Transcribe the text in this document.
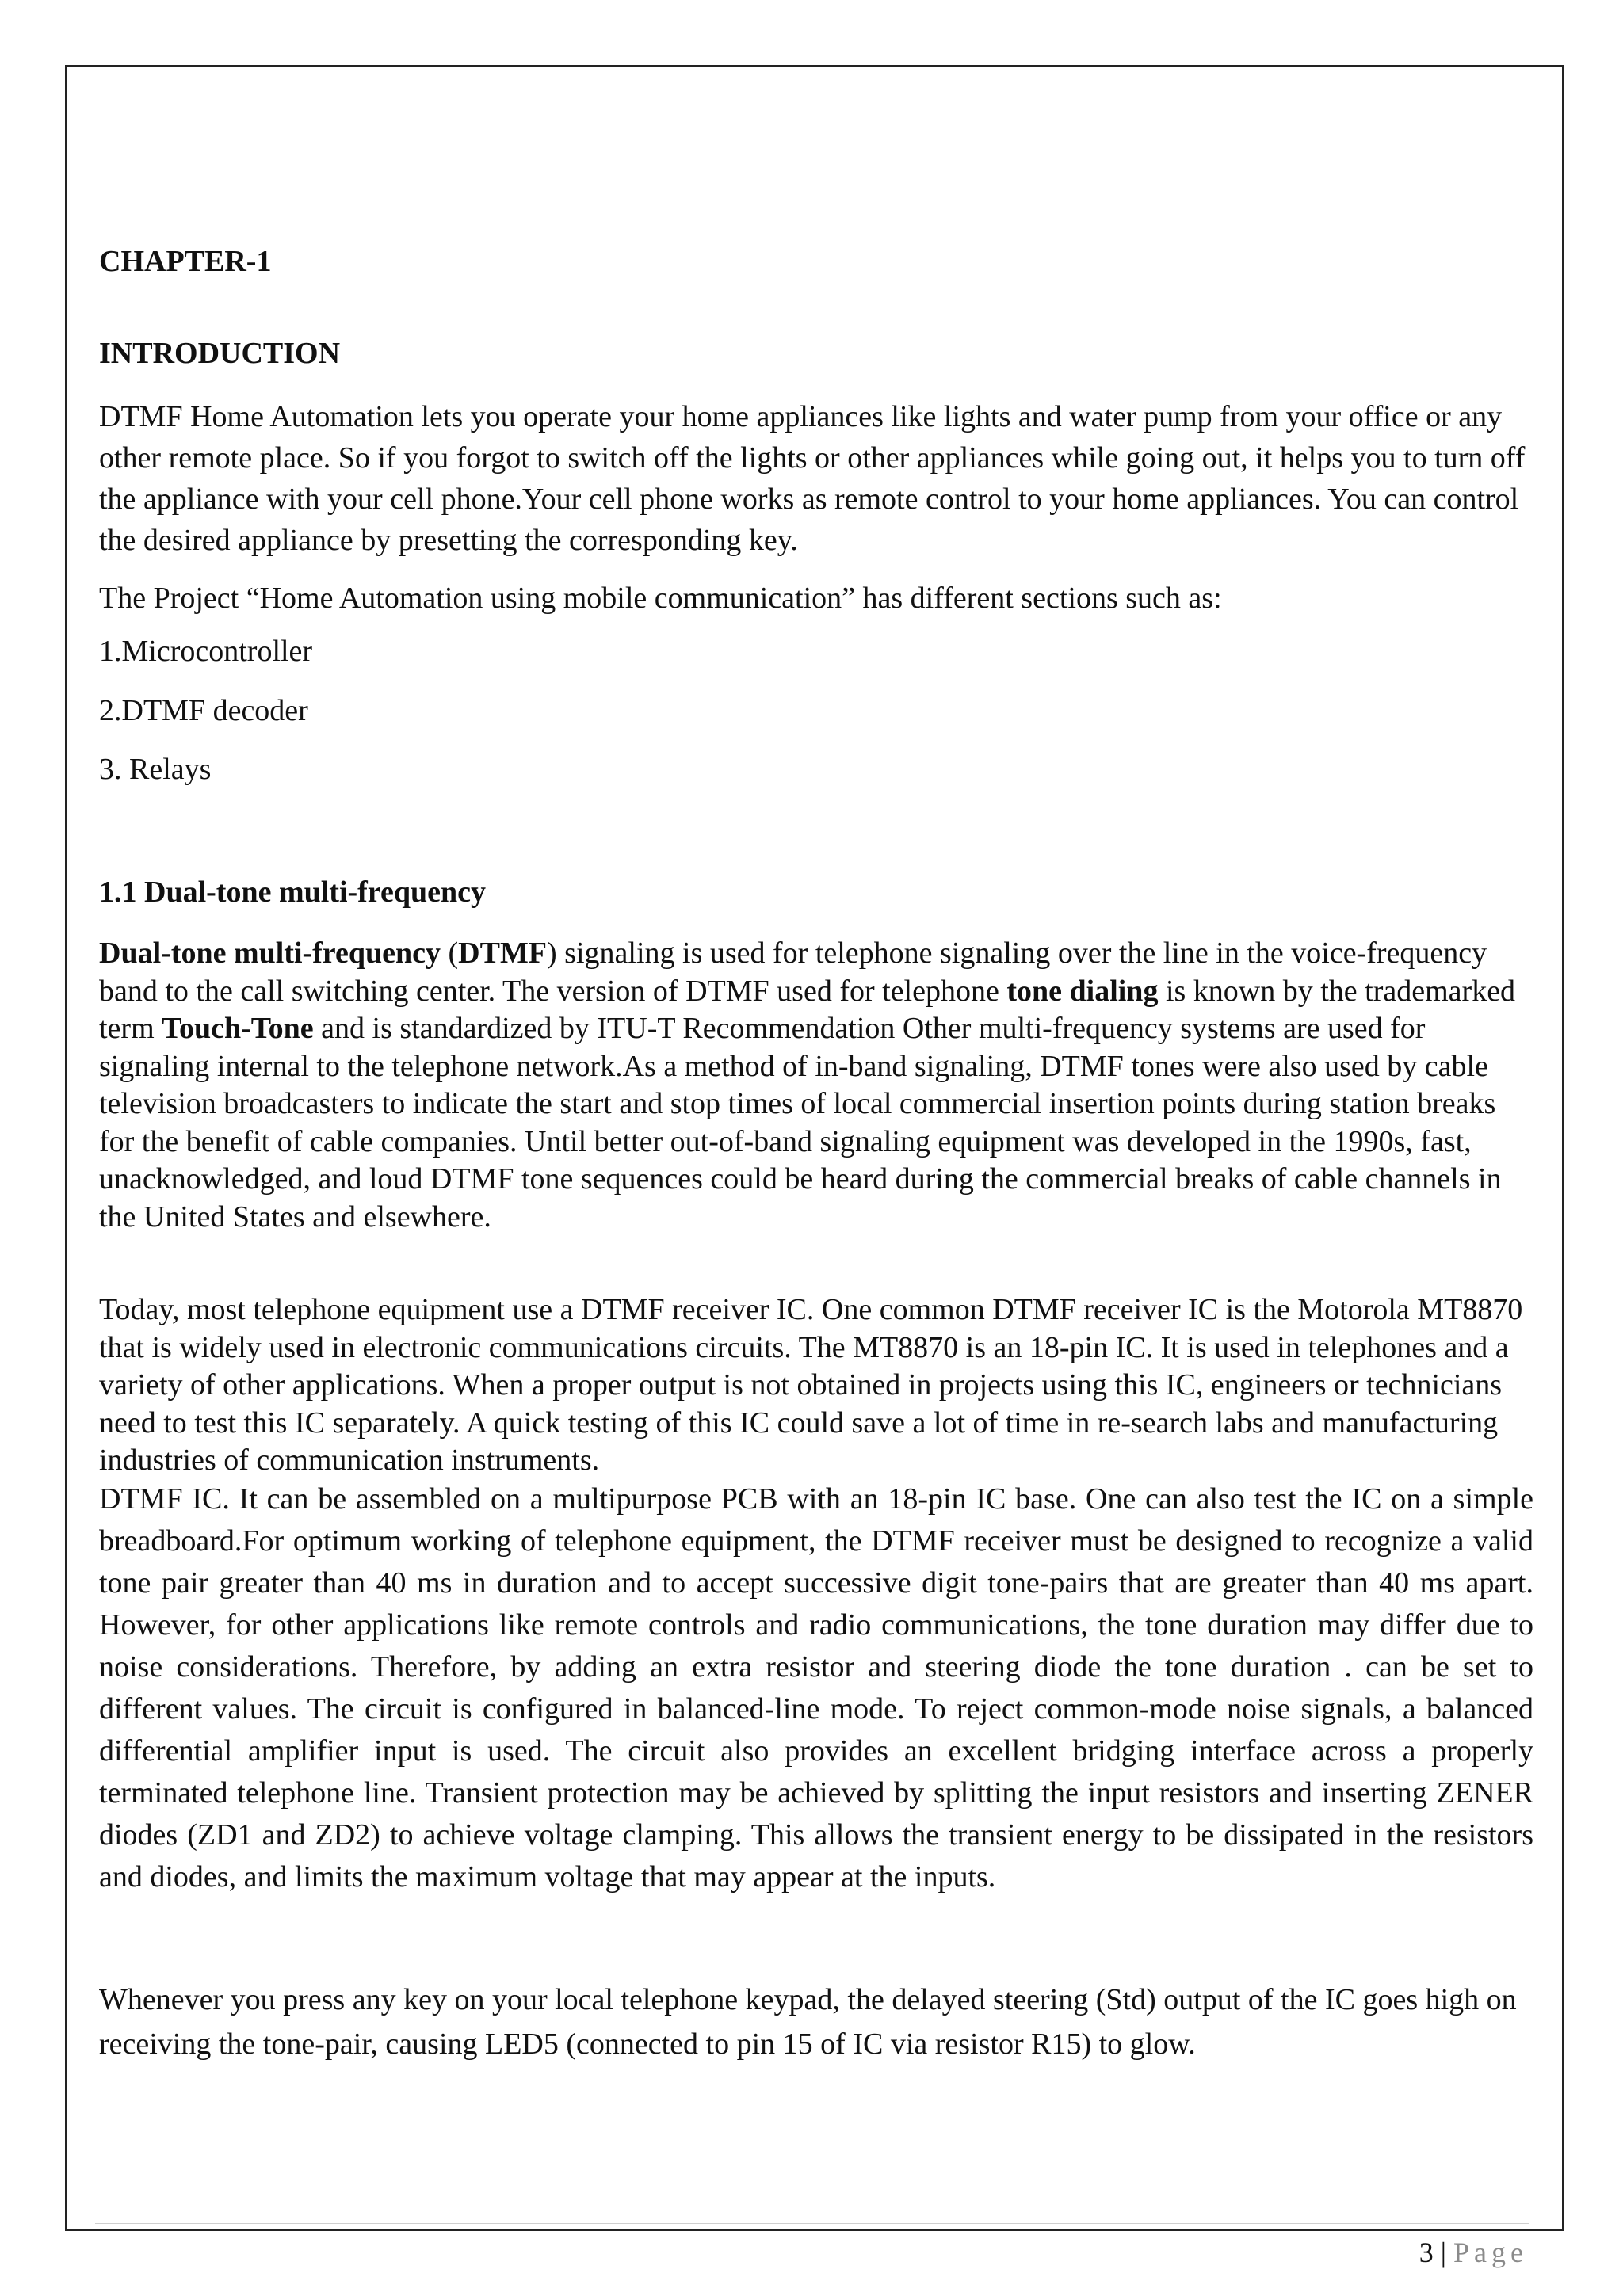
CHAPTER-1
INTRODUCTION
DTMF Home Automation lets you operate your home appliances like lights and water pump from your office or any other remote place. So if you forgot to switch off the lights or other appliances while going out, it helps you to turn off the appliance with your cell phone.Your cell phone works as remote control to your home appliances. You can control the desired appliance by presetting the corresponding key.
The Project “Home Automation using mobile communication” has different sections such as:
1.Microcontroller
2.DTMF decoder
3. Relays
1.1 Dual-tone multi-frequency
Dual-tone multi-frequency (DTMF) signaling is used for telephone signaling over the line in the voice-frequency band to the call switching center. The version of DTMF used for telephone tone dialing is known by the trademarked term Touch-Tone and is standardized by ITU-T Recommendation Other multi-frequency systems are used for signaling internal to the telephone network.As a method of in-band signaling, DTMF tones were also used by cable television broadcasters to indicate the start and stop times of local commercial insertion points during station breaks for the benefit of cable companies. Until better out-of-band signaling equipment was developed in the 1990s, fast, unacknowledged, and loud DTMF tone sequences could be heard during the commercial breaks of cable channels in the United States and elsewhere.
Today, most telephone equipment use a DTMF receiver IC. One common DTMF receiver IC is the Motorola MT8870 that is widely used in electronic communications circuits. The MT8870 is an 18-pin IC. It is used in telephones and a variety of other applications. When a proper output is not obtained in projects using this IC, engineers or technicians need to test this IC separately. A quick testing of this IC could save a lot of time in re-search labs and manufacturing industries of communication instruments.
DTMF IC. It can be assembled on a multipurpose PCB with an 18-pin IC base. One can also test the IC on a simple breadboard.For optimum working of telephone equipment, the DTMF receiver must be designed to recognize a valid tone pair greater than 40 ms in duration and to accept successive digit tone-pairs that are greater than 40 ms apart. However, for other applications like remote controls and radio communications, the tone duration may differ due to noise considerations. Therefore, by adding an extra resistor and steering diode the tone duration . can be set to different values. The circuit is configured in balanced-line mode. To reject common-mode noise signals, a balanced differential amplifier input is used. The circuit also provides an excellent bridging interface across a properly terminated telephone line. Transient protection may be achieved by splitting the input resistors and inserting ZENER diodes (ZD1 and ZD2) to achieve voltage clamping. This allows the transient energy to be dissipated in the resistors and diodes, and limits the maximum voltage that may appear at the inputs.
Whenever you press any key on your local telephone keypad, the delayed steering (Std) output of the IC goes high on receiving the tone-pair, causing LED5 (connected to pin 15 of IC via resistor R15) to glow.
3 | Page
